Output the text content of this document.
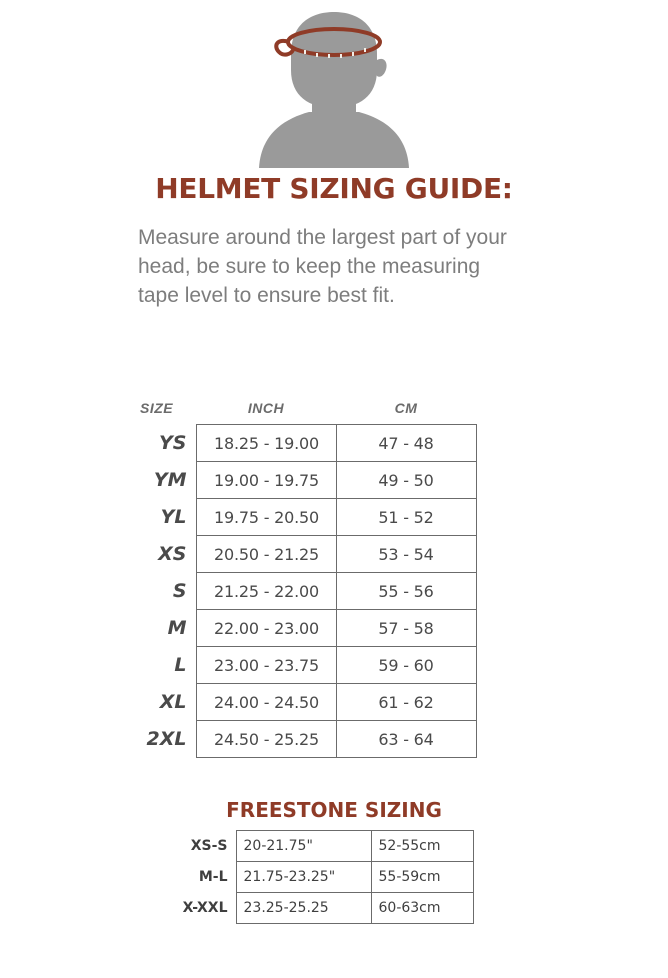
HELMET SIZING GUIDE:
Measure around the largest part of your head, be sure to keep the measuring tape level to ensure best fit.
SIZE	INCH	CM
YS	18.25 - 19.00	47 - 48
YM	19.00 - 19.75	49 - 50
YL	19.75 - 20.50	51 - 52
XS	20.50 - 21.25	53 - 54
S	21.25 - 22.00	55 - 56
M	22.00 - 23.00	57 - 58
L	23.00 - 23.75	59 - 60
XL	24.00 - 24.50	61 - 62
2XL	24.50 - 25.25	63 - 64
FREESTONE SIZING
XS-S	20-21.75"	52-55cm
M-L	21.75-23.25"	55-59cm
X-XXL	23.25-25.25	60-63cm
